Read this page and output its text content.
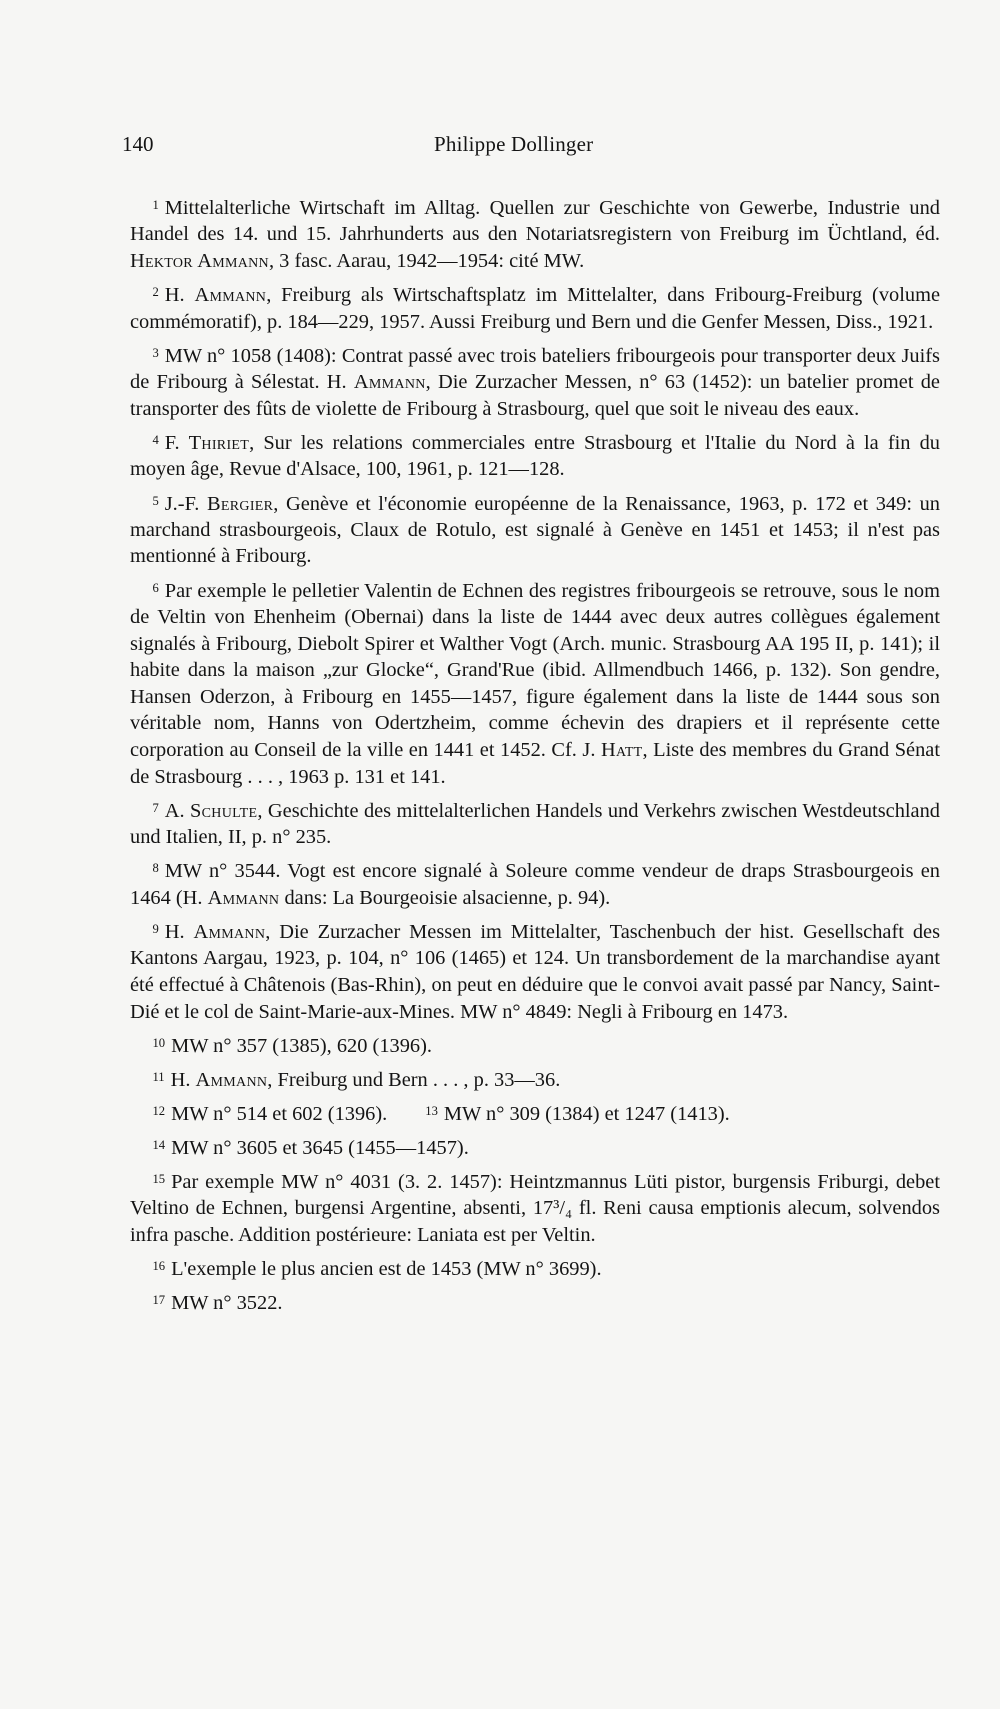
140	Philippe Dollinger

1 Mittelalterliche Wirtschaft im Alltag. Quellen zur Geschichte von Gewerbe, Industrie und Handel des 14. und 15. Jahrhunderts aus den Notariatsregistern von Freiburg im Üchtland, éd. Hektor Ammann, 3 fasc. Aarau, 1942—1954: cité MW.

2 H. Ammann, Freiburg als Wirtschaftsplatz im Mittelalter, dans Fribourg-Freiburg (volume commémoratif), p. 184—229, 1957. Aussi Freiburg und Bern und die Genfer Messen, Diss., 1921.

3 MW n° 1058 (1408): Contrat passé avec trois bateliers fribourgeois pour transporter deux Juifs de Fribourg à Sélestat. H. Ammann, Die Zurzacher Messen, n° 63 (1452): un batelier promet de transporter des fûts de violette de Fribourg à Strasbourg, quel que soit le niveau des eaux.

4 F. Thiriet, Sur les relations commerciales entre Strasbourg et l'Italie du Nord à la fin du moyen âge, Revue d'Alsace, 100, 1961, p. 121—128.

5 J.-F. Bergier, Genève et l'économie européenne de la Renaissance, 1963, p. 172 et 349: un marchand strasbourgeois, Claux de Rotulo, est signalé à Genève en 1451 et 1453; il n'est pas mentionné à Fribourg.

6 Par exemple le pelletier Valentin de Echnen des registres fribourgeois se retrouve, sous le nom de Veltin von Ehenheim (Obernai) dans la liste de 1444 avec deux autres collègues également signalés à Fribourg, Diebolt Spirer et Walther Vogt (Arch. munic. Strasbourg AA 195 II, p. 141); il habite dans la maison „zur Glocke“, Grand'Rue (ibid. Allmendbuch 1466, p. 132). Son gendre, Hansen Oderzon, à Fribourg en 1455—1457, figure également dans la liste de 1444 sous son véritable nom, Hanns von Odertzheim, comme échevin des drapiers et il représente cette corporation au Conseil de la ville en 1441 et 1452. Cf. J. Hatt, Liste des membres du Grand Sénat de Strasbourg . . . , 1963 p. 131 et 141.

7 A. Schulte, Geschichte des mittelalterlichen Handels und Verkehrs zwischen Westdeutschland und Italien, II, p. n° 235.

8 MW n° 3544. Vogt est encore signalé à Soleure comme vendeur de draps Strasbourgeois en 1464 (H. Ammann dans: La Bourgeoisie alsacienne, p. 94).

9 H. Ammann, Die Zurzacher Messen im Mittelalter, Taschenbuch der hist. Gesellschaft des Kantons Aargau, 1923, p. 104, n° 106 (1465) et 124. Un transbordement de la marchandise ayant été effectué à Châtenois (Bas-Rhin), on peut en déduire que le convoi avait passé par Nancy, Saint-Dié et le col de Saint-Marie-aux-Mines. MW n° 4849: Negli à Fribourg en 1473.

10 MW n° 357 (1385), 620 (1396).

11 H. Ammann, Freiburg und Bern . . . , p. 33—36.

12 MW n° 514 et 602 (1396).	13 MW n° 309 (1384) et 1247 (1413).

14 MW n° 3605 et 3645 (1455—1457).

15 Par exemple MW n° 4031 (3. 2. 1457): Heintzmannus Lüti pistor, burgensis Friburgi, debet Veltino de Echnen, burgensi Argentine, absenti, 17³/₄ fl. Reni causa emptionis alecum, solvendos infra pasche. Addition postérieure: Laniata est per Veltin.

16 L'exemple le plus ancien est de 1453 (MW n° 3699).

17 MW n° 3522.
